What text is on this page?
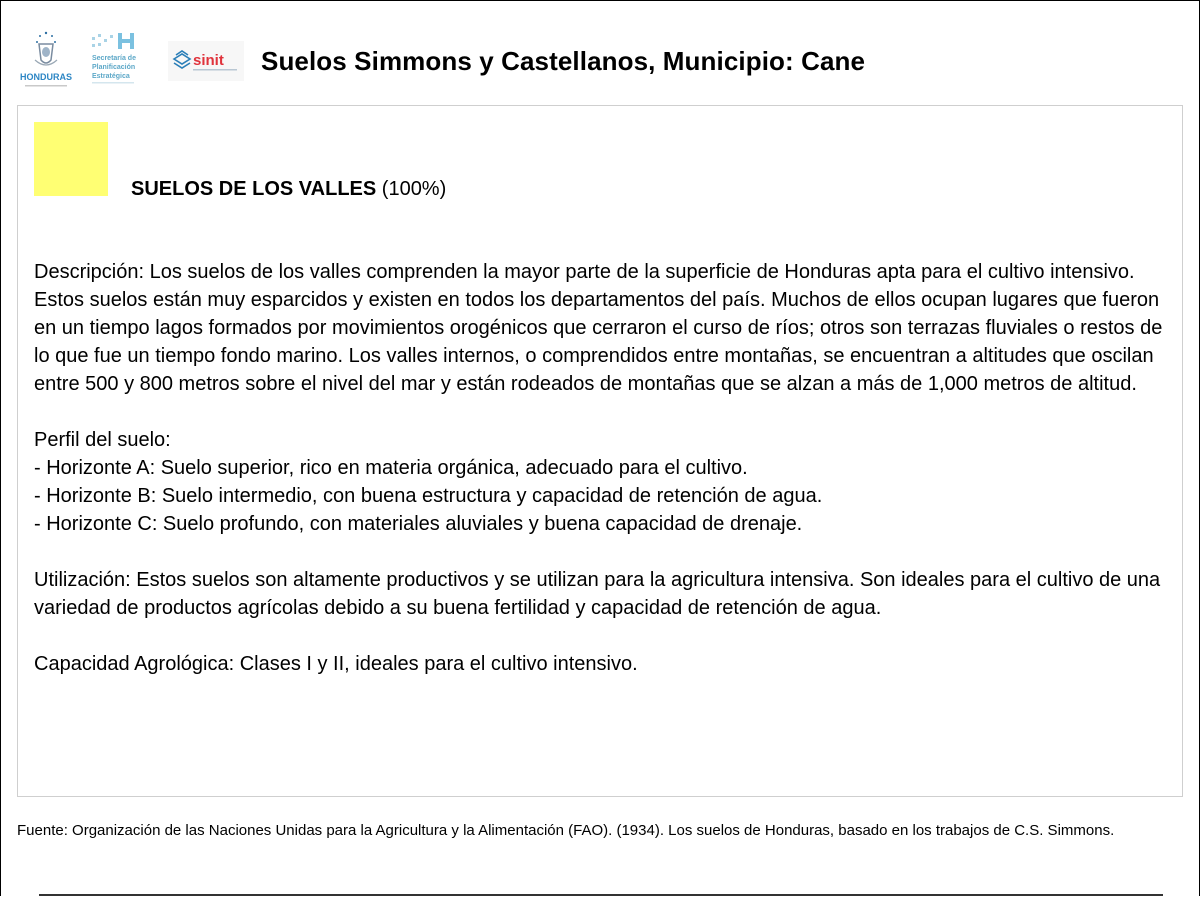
HONDURAS
Secretaría de
Planificación
Estratégica
sinit Suelos Simmons y Castellanos, Municipio: Cane
SUELOS DE LOS VALLES (100%)

Descripción: Los suelos de los valles comprenden la mayor parte de la superficie de Honduras apta para el cultivo intensivo. Estos suelos están muy esparcidos y existen en todos los departamentos del país. Muchos de ellos ocupan lugares que fueron en un tiempo lagos formados por movimientos orogénicos que cerraron el curso de ríos; otros son terrazas fluviales o restos de lo que fue un tiempo fondo marino. Los valles internos, o comprendidos entre montañas, se encuentran a altitudes que oscilan entre 500 y 800 metros sobre el nivel del mar y están rodeados de montañas que se alzan a más de 1,000 metros de altitud.

Perfil del suelo:
- Horizonte A: Suelo superior, rico en materia orgánica, adecuado para el cultivo.
- Horizonte B: Suelo intermedio, con buena estructura y capacidad de retención de agua.
- Horizonte C: Suelo profundo, con materiales aluviales y buena capacidad de drenaje.

Utilización: Estos suelos son altamente productivos y se utilizan para la agricultura intensiva. Son ideales para el cultivo de una variedad de productos agrícolas debido a su buena fertilidad y capacidad de retención de agua.

Capacidad Agrológica: Clases I y II, ideales para el cultivo intensivo.

Fuente: Organización de las Naciones Unidas para la Agricultura y la Alimentación (FAO). (1934). Los suelos de Honduras, basado en los trabajos de C.S. Simmons.
